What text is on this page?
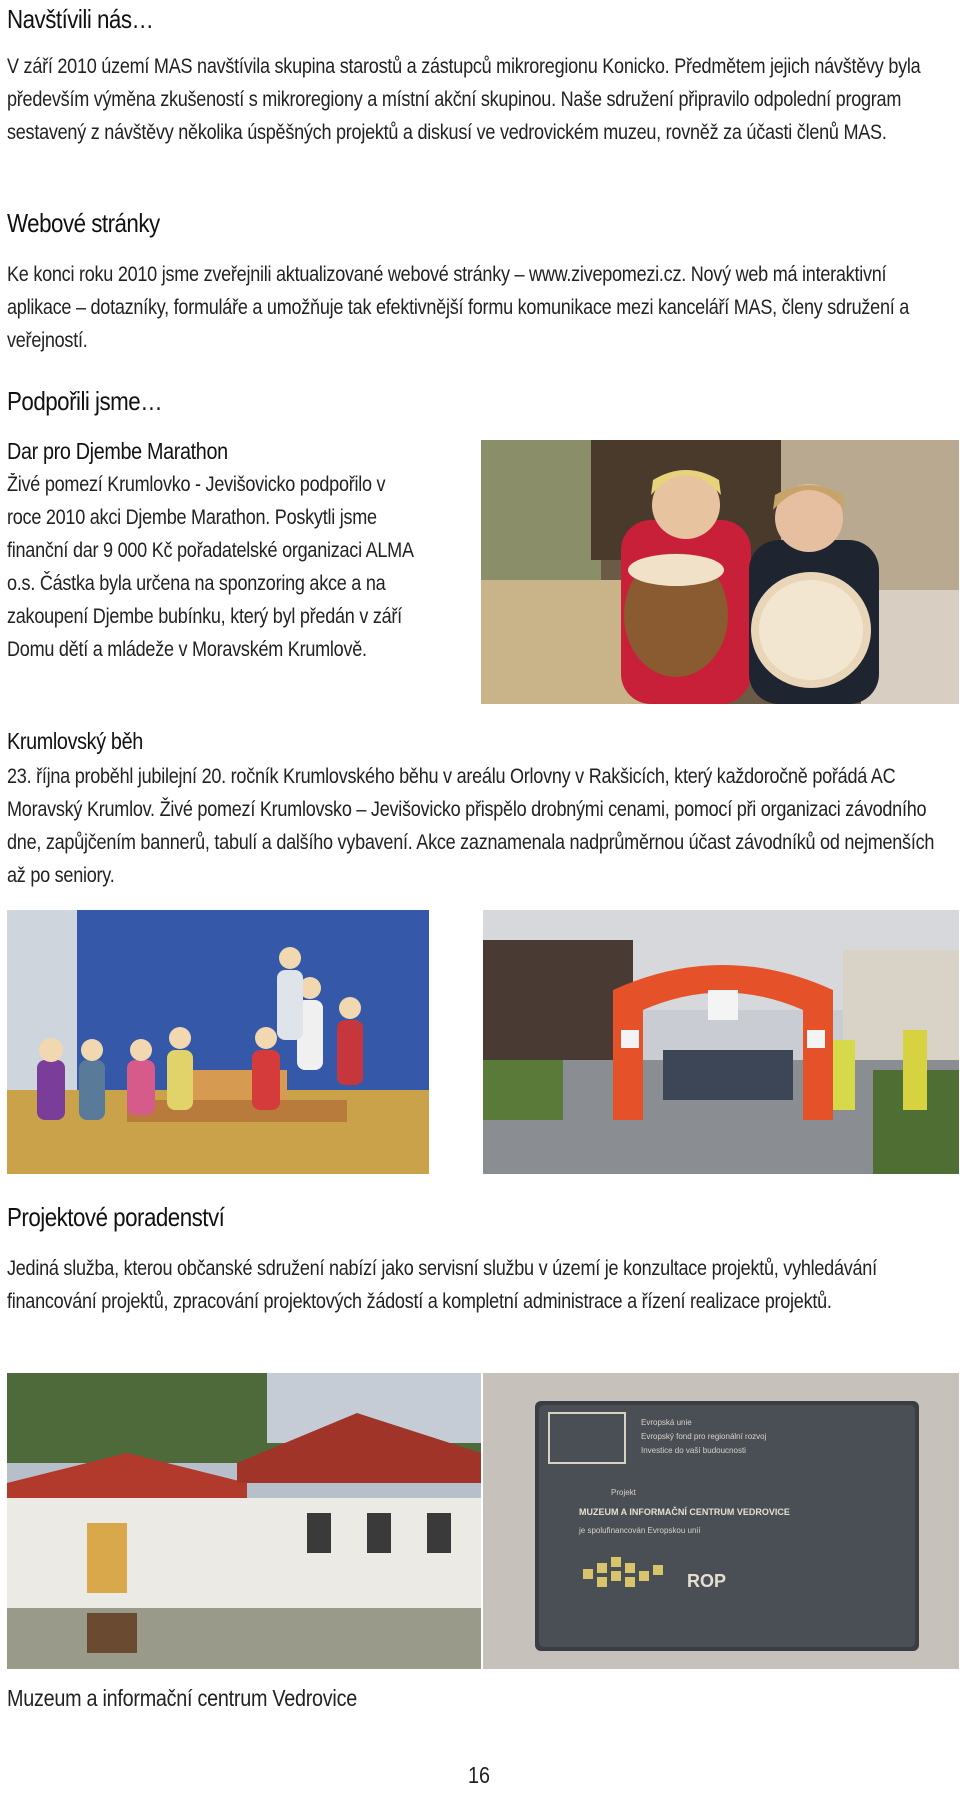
Navštívili nás…

V září 2010 území MAS navštívila skupina starostů a zástupců mikroregionu Konicko. Předmětem jejich návštěvy byla především výměna zkušeností s mikroregiony a místní akční skupinou. Naše sdružení připravilo odpolední program sestavený z návštěvy několika úspěšných projektů a diskusí ve vedrovickém muzeu, rovněž za účasti členů MAS.

Webové stránky

Ke konci roku 2010 jsme zveřejnili aktualizované webové stránky – www.zivepomezi.cz. Nový web má interaktivní aplikace – dotazníky, formuláře a umožňuje tak efektivnější formu komunikace mezi kanceláří MAS, členy sdružení a veřejností.

Podpořili jsme…
Dar pro Djembe Marathon

Živé pomezí Krumlovko - Jevišovicko podpořilo v roce 2010 akci Djembe Marathon. Poskytli jsme finanční dar 9 000 Kč pořadatelské organizaci ALMA o.s. Částka byla určena na sponzoring akce a na zakoupení Djembe bubínku, který byl předán v září Domu dětí a mládeže v Moravském Krumlově.

Krumlovský běh

23. října proběhl jubilejní 20. ročník Krumlovského běhu v areálu Orlovny v Rakšicích, který každoročně pořádá AC Moravský Krumlov. Živé pomezí Krumlovsko – Jevišovicko přispělo drobnými cenami, pomocí při organizaci závodního dne, zapůjčením bannerů, tabulí a dalšího vybavení. Akce zaznamenala nadprůměrnou účast závodníků od nejmenších až po seniory.

Projektové poradenství

Jediná služba, kterou občanské sdružení nabízí jako servisní službu v území je konzultace projektů, vyhledávání financování projektů, zpracování projektových žádostí a kompletní administrace a řízení realizace projektů.

Evropská unie
Evropský fond pro regionální rozvoj
Investice do vaší budoucnosti
Projekt
MUZEUM A INFORMAČNÍ CENTRUM VEDROVICE
je spolufinancován Evropskou unií
ROP
Muzeum a informační centrum Vedrovice
16
